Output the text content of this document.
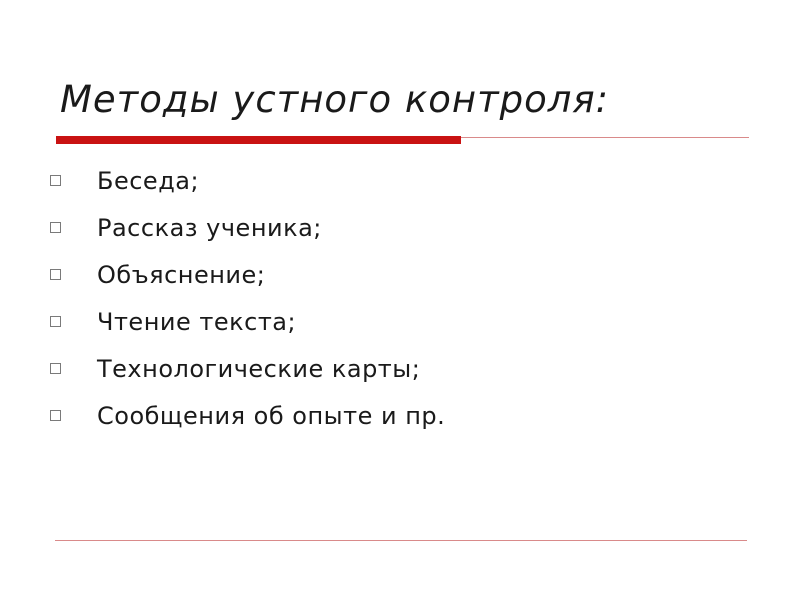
Методы устного контроля:
Беседа;
Рассказ ученика;
Объяснение;
Чтение текста;
Технологические карты;
Сообщения об опыте и пр.
